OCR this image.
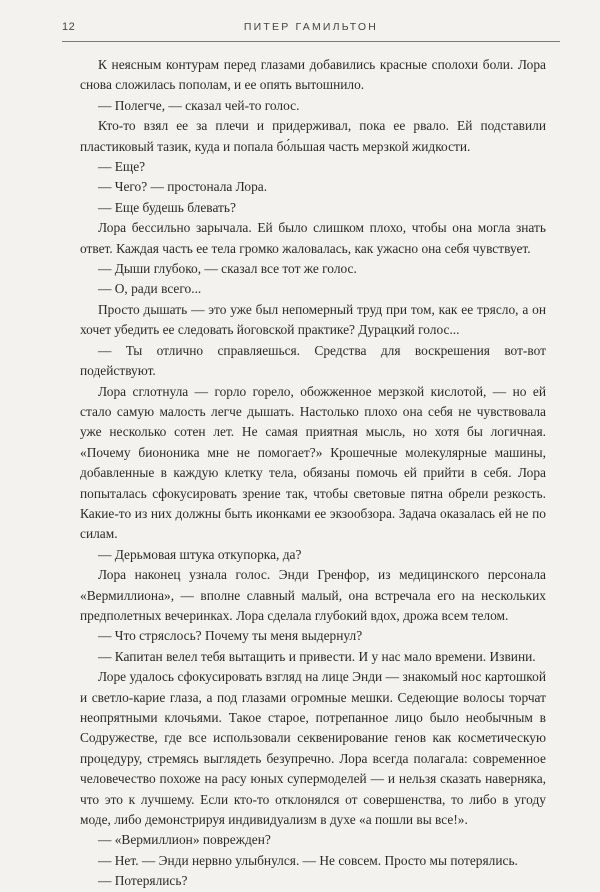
12	ПИТЕР ГАМИЛЬТОН

К неясным контурам перед глазами добавились красные сполохи боли. Лора снова сложилась пополам, и ее опять вытошнило.

— Полегче, — сказал чей-то голос.

Кто-то взял ее за плечи и придерживал, пока ее рвало. Ей подставили пластиковый тазик, куда и попала бо́льшая часть мерзкой жидкости.

— Еще?

— Чего? — простонала Лора.

— Еще будешь блевать?

Лора бессильно зарычала. Ей было слишком плохо, чтобы она могла знать ответ. Каждая часть ее тела громко жаловалась, как ужасно она себя чувствует.

— Дыши глубоко, — сказал все тот же голос.

— О, ради всего...

Просто дышать — это уже был непомерный труд при том, как ее трясло, а он хочет убедить ее следовать йоговской практике? Дурацкий голос...

— Ты отлично справляешься. Средства для воскрешения вот-вот подействуют.

Лора сглотнула — горло горело, обожженное мерзкой кислотой, — но ей стало самую малость легче дышать. Настолько плохо она себя не чувствовала уже несколько сотен лет. Не самая приятная мысль, но хотя бы логичная. «Почему биононика мне не помогает?» Крошечные молекулярные машины, добавленные в каждую клетку тела, обязаны помочь ей прийти в себя. Лора попыталась сфокусировать зрение так, чтобы световые пятна обрели резкость. Какие-то из них должны быть иконками ее экзообзора. Задача оказалась ей не по силам.

— Дерьмовая штука откупорка, да?

Лора наконец узнала голос. Энди Гренфор, из медицинского персонала «Вермиллиона», — вполне славный малый, она встречала его на нескольких предполетных вечеринках. Лора сделала глубокий вдох, дрожа всем телом.

— Что стряслось? Почему ты меня выдернул?

— Капитан велел тебя вытащить и привести. И у нас мало времени. Извини.

Лоре удалось сфокусировать взгляд на лице Энди — знакомый нос картошкой и светло-карие глаза, а под глазами огромные мешки. Седеющие волосы торчат неопрятными клочьями. Такое старое, потрепанное лицо было необычным в Содружестве, где все использовали секвенирование генов как косметическую процедуру, стремясь выглядеть безупречно. Лора всегда полагала: современное человечество похоже на расу юных супермоделей — и нельзя сказать наверняка, что это к лучшему. Если кто-то отклонялся от совершенства, то либо в угоду моде, либо демонстрируя индивидуализм в духе «а пошли вы все!».

— «Вермиллион» поврежден?

— Нет. — Энди нервно улыбнулся. — Не совсем. Просто мы потерялись.

— Потерялись?
